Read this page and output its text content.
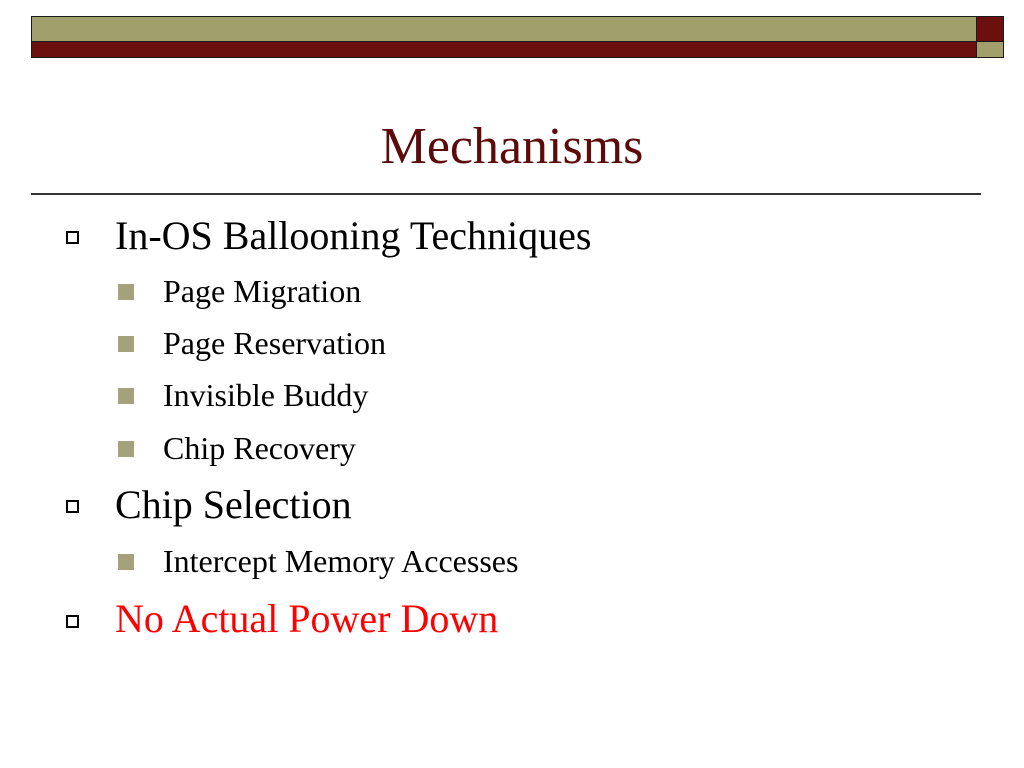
Mechanisms
In-OS Ballooning Techniques
Page Migration
Page Reservation
Invisible Buddy
Chip Recovery
Chip Selection
Intercept Memory Accesses
No Actual Power Down
